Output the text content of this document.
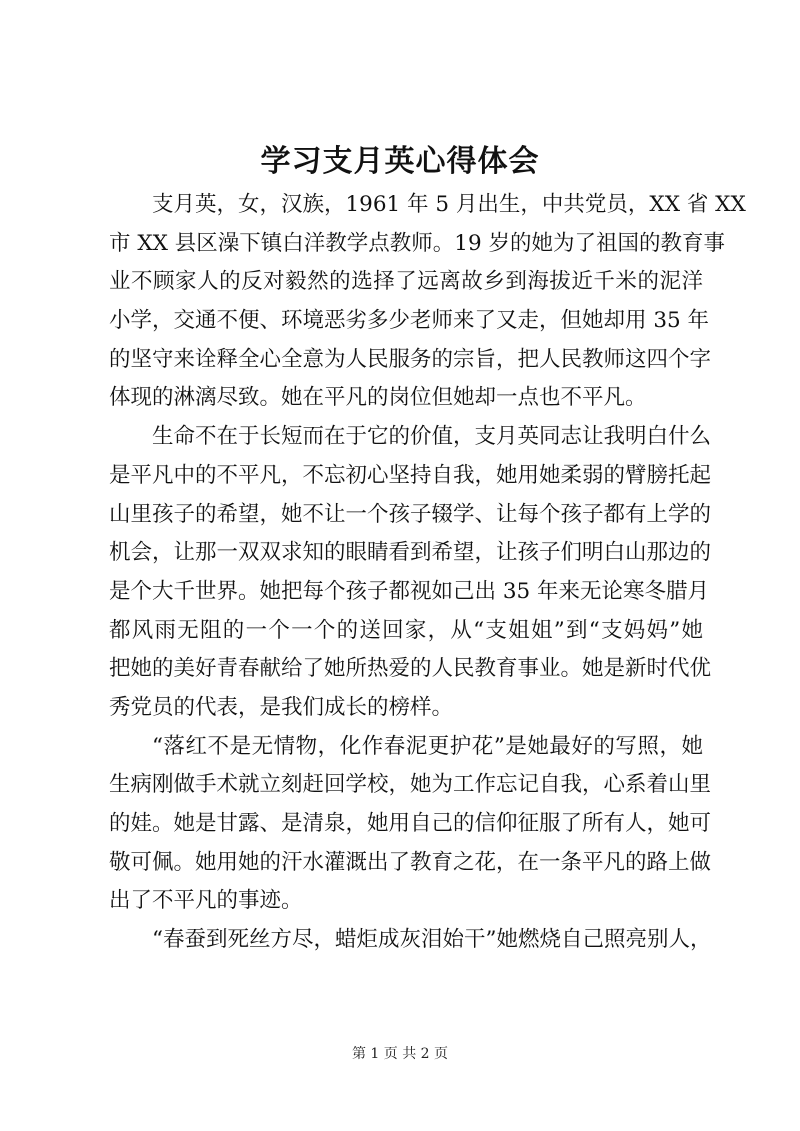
学习支月英心得体会
支月英，女，汉族，1961 年 5 月出生，中共党员，XX 省 XX
市 XX 县区澡下镇白洋教学点教师。19 岁的她为了祖国的教育事
业不顾家人的反对毅然的选择了远离故乡到海拔近千米的泥洋
小学，交通不便、环境恶劣多少老师来了又走，但她却用 35 年
的坚守来诠释全心全意为人民服务的宗旨，把人民教师这四个字
体现的淋漓尽致。她在平凡的岗位但她却一点也不平凡。
生命不在于长短而在于它的价值，支月英同志让我明白什么
是平凡中的不平凡，不忘初心坚持自我，她用她柔弱的臂膀托起
山里孩子的希望，她不让一个孩子辍学、让每个孩子都有上学的
机会，让那一双双求知的眼睛看到希望，让孩子们明白山那边的
是个大千世界。她把每个孩子都视如己出 35 年来无论寒冬腊月
都风雨无阻的一个一个的送回家，从“支姐姐”到“支妈妈”她
把她的美好青春献给了她所热爱的人民教育事业。她是新时代优
秀党员的代表，是我们成长的榜样。
“落红不是无情物，化作春泥更护花”是她最好的写照，她
生病刚做手术就立刻赶回学校，她为工作忘记自我，心系着山里
的娃。她是甘露、是清泉，她用自己的信仰征服了所有人，她可
敬可佩。她用她的汗水灌溉出了教育之花，在一条平凡的路上做
出了不平凡的事迹。
“春蚕到死丝方尽，蜡炬成灰泪始干”她燃烧自己照亮别人，
第 1 页 共 2 页
